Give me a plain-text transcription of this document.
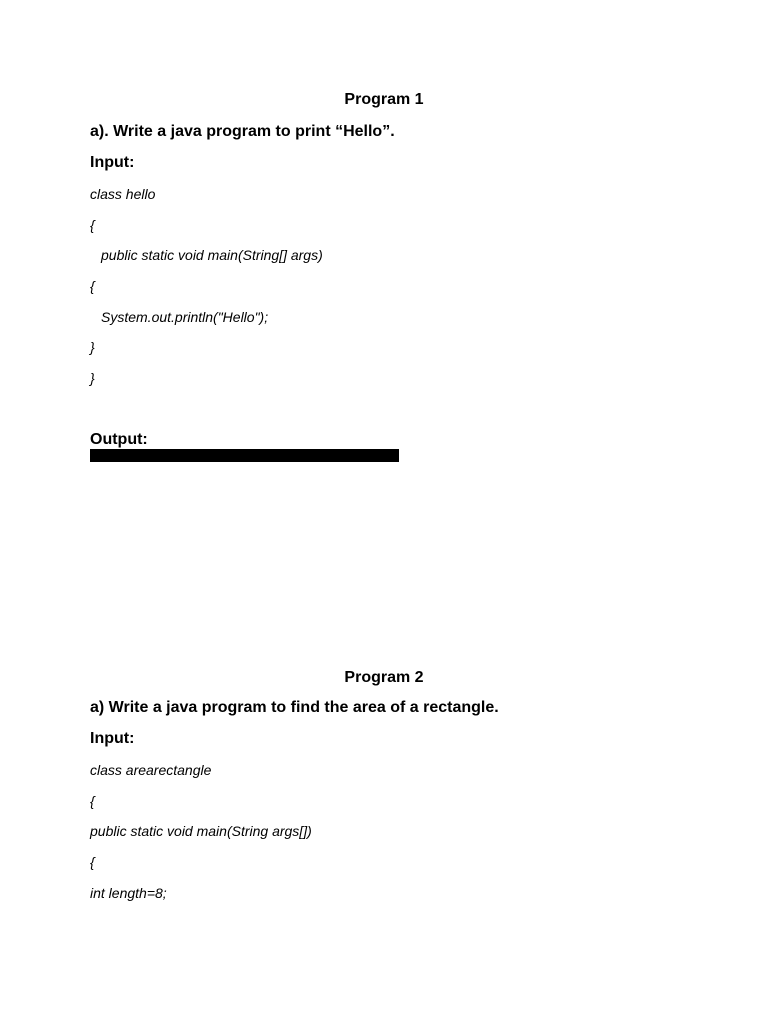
Program 1
a). Write a java program to print “Hello”.
Input:
class hello
{
public static void main(String[] args)
{
System.out.println("Hello");
}
}
Output:
Program 2
a) Write a java program to find the area of a rectangle.
Input:
class arearectangle
{
public static void main(String args[])
{
int length=8;
